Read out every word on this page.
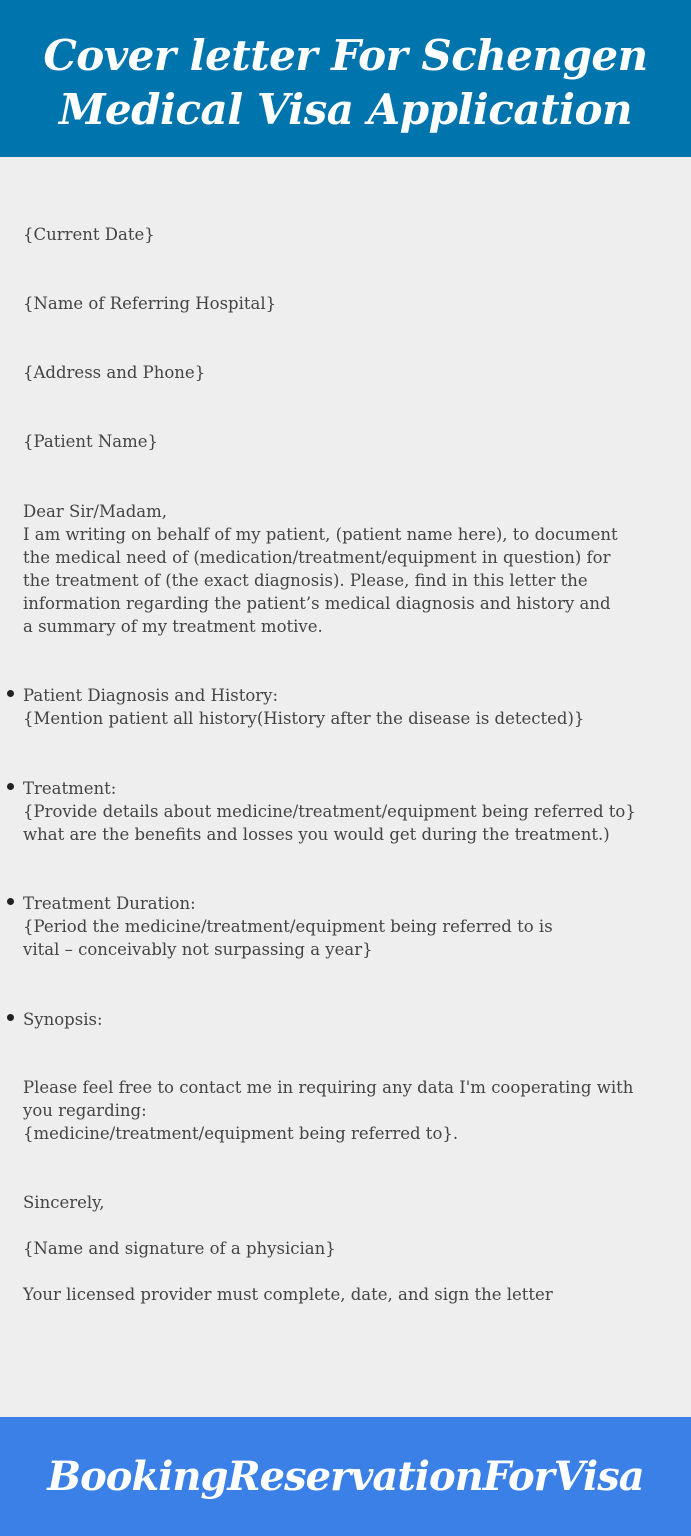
Cover letter For Schengen
Medical Visa Application
{Current Date}
{Name of Referring Hospital}
{Address and Phone}
{Patient Name}
Dear Sir/Madam,
I am writing on behalf of my patient, (patient name here), to document
the medical need of (medication/treatment/equipment in question) for
the treatment of (the exact diagnosis). Please, find in this letter the
information regarding the patient’s medical diagnosis and history and
a summary of my treatment motive.
Patient Diagnosis and History:
{Mention patient all history(History after the disease is detected)}
Treatment:
{Provide details about medicine/treatment/equipment being referred to}
what are the benefits and losses you would get during the treatment.)
Treatment Duration:
{Period the medicine/treatment/equipment being referred to is
vital – conceivably not surpassing a year}
Synopsis:
Please feel free to contact me in requiring any data I'm cooperating with
you regarding:
{medicine/treatment/equipment being referred to}.
Sincerely,
{Name and signature of a physician}
Your licensed provider must complete, date, and sign the letter
BookingReservationForVisa
